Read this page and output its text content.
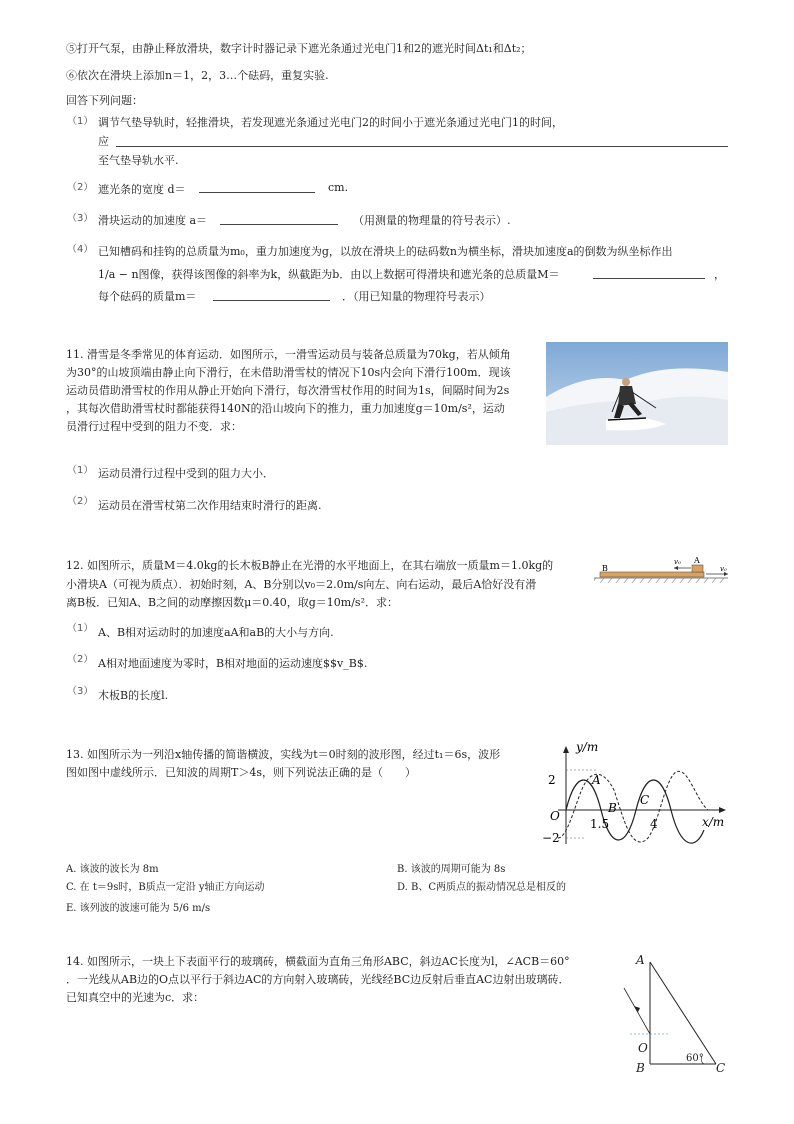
⑤打开气泵，由静止释放滑块，数字计时器记录下遮光条通过光电门1和2的遮光时间Δt₁和Δt₂；
⑥依次在滑块上添加n＝1，2，3…个砝码，重复实验.
回答下列问题：
（1） 调节气垫导轨时，轻推滑块，若发现遮光条通过光电门2的时间小于遮光条通过光电门1的时间，
应
至气垫导轨水平.
（2） 遮光条的宽度 d＝	cm.
（3） 滑块运动的加速度 a＝	（用测量的物理量的符号表示）.
（4） 已知槽码和挂钩的总质量为m₀，重力加速度为g，以放在滑块上的砝码数n为横坐标，滑块加速度a的倒数为纵坐标作出
1/a − n图像，获得该图像的斜率为k，纵截距为b．由以上数据可得滑块和遮光条的总质量M＝	，
每个砝码的质量m＝	．（用已知量的物理符号表示）
11. 滑雪是冬季常见的体育运动．如图所示，一滑雪运动员与装备总质量为70kg，若从倾角
为30°的山坡顶端由静止向下滑行，在未借助滑雪杖的情况下10s内会向下滑行100m．现该
运动员借助滑雪杖的作用从静止开始向下滑行，每次滑雪杖作用的时间为1s，间隔时间为2s
，其每次借助滑雪杖时都能获得140N的沿山坡向下的推力，重力加速度g＝10m/s²，运动
员滑行过程中受到的阻力不变．求：
（1） 运动员滑行过程中受到的阻力大小．
（2） 运动员在滑雪杖第二次作用结束时滑行的距离.
12. 如图所示，质量M＝4.0kg的长木板B静止在光滑的水平地面上，在其右端放一质量m＝1.0kg的
小滑块A（可视为质点）．初始时刻，A、B分别以v₀＝2.0m/s向左、向右运动，最后A恰好没有滑
离B板．已知A、B之间的动摩擦因数μ＝0.40，取g＝10m/s²．求：
B
A
v₀
v₀
（1） A、B相对运动时的加速度aA和aB的大小与方向.
（2） A相对地面速度为零时，B相对地面的运动速度$$v_B$.
（3） 木板B的长度l.
13. 如图所示为一列沿x轴传播的简谐横波，实线为t＝0时刻的波形图，经过t₁＝6s，波形
图如图中虚线所示．已知波的周期T＞4s，则下列说法正确的是（　　）
y/m
x/m
2
−2
O
1.5	4
A
B
C
A. 该波的波长为 8m	B. 该波的周期可能为 8s
C. 在 t＝9s时，B质点一定沿 y轴正方向运动	D. B、C两质点的振动情况总是相反的
E. 该列波的波速可能为 5/6 m/s
14. 如图所示，一块上下表面平行的玻璃砖，横截面为直角三角形ABC，斜边AC长度为l，∠ACB＝60°
．一光线从AB边的O点以平行于斜边AC的方向射入玻璃砖，光线经BC边反射后垂直AC边射出玻璃砖．
已知真空中的光速为c．求：
A
B	C
O
60°
